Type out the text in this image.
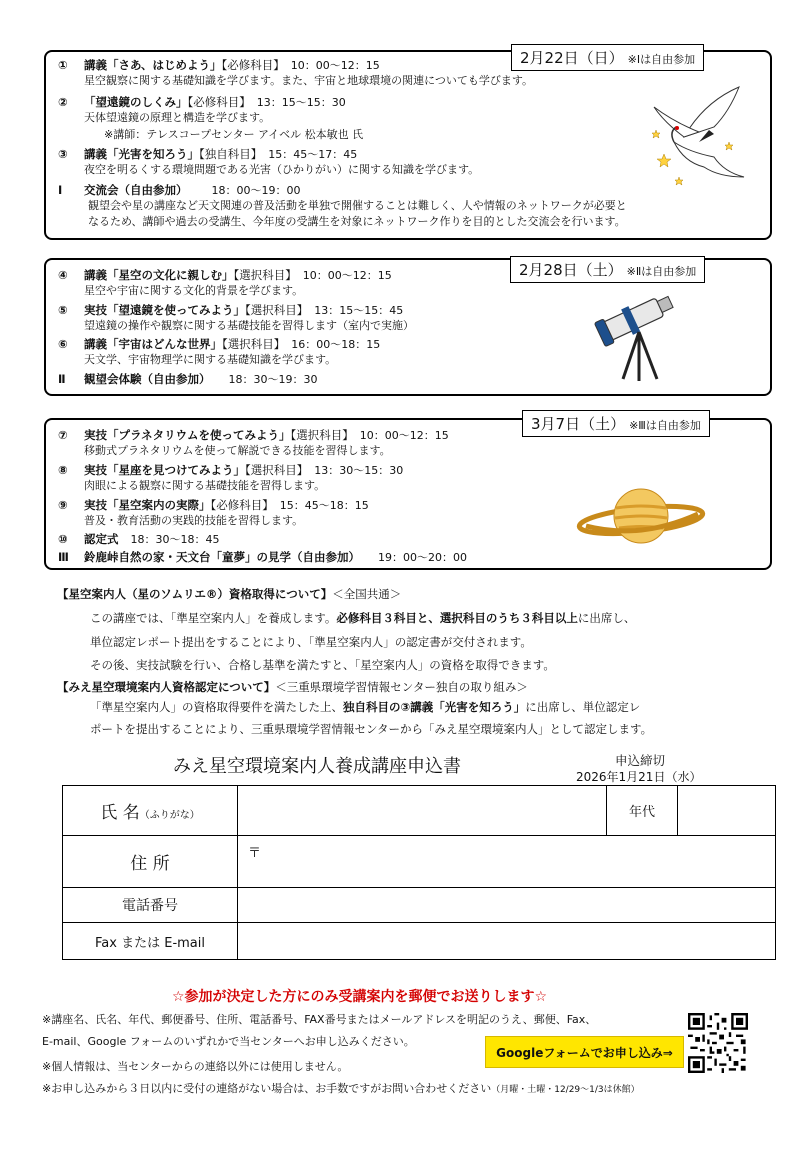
① 講義「さあ、はじめよう」【必修科目】 10：00～12：15
星空観察に関する基礎知識を学びます。また、宇宙と地球環境の関連についても学びます。
② 「望遠鏡のしくみ」【必修科目】 13：15～15：30
天体望遠鏡の原理と構造を学びます。
※講師：テレスコープセンター アイベル 松本敏也 氏
③ 講義「光害を知ろう」【独自科目】 15：45～17：45
夜空を明るくする環境問題である光害（ひかりがい）に関する知識を学びます。
Ⅰ 交流会（自由参加） 18：00～19：00
観望会や星の講座など天文関連の普及活動を単独で開催することは難しく、人や情報のネットワークが必要と
なるため、講師や過去の受講生、今年度の受講生を対象にネットワーク作りを目的とした交流会を行います。
2月22日（日） ※Ⅰは自由参加
④ 講義「星空の文化に親しむ」【選択科目】 10：00～12：15
星空や宇宙に関する文化的背景を学びます。
⑤ 実技「望遠鏡を使ってみよう」【選択科目】 13：15～15：45
望遠鏡の操作や観察に関する基礎技能を習得します（室内で実施）
⑥ 講義「宇宙はどんな世界」【選択科目】 16：00～18：15
天文学、宇宙物理学に関する基礎知識を学びます。
Ⅱ 観望会体験（自由参加） 18：30～19：30
2月28日（土） ※Ⅱは自由参加
⑦ 実技「プラネタリウムを使ってみよう」【選択科目】 10：00～12：15
移動式プラネタリウムを使って解説できる技能を習得します。
⑧ 実技「星座を見つけてみよう」【選択科目】 13：30～15：30
肉眼による観察に関する基礎技能を習得します。
⑨ 実技「星空案内の実際」【必修科目】 15：45～18：15
普及・教育活動の実践的技能を習得します。
⑩ 認定式 18：30～18：45
Ⅲ 鈴鹿峠自然の家・天文台「童夢」の見学（自由参加） 19：00～20：00
3月7日（土） ※Ⅲは自由参加
【星空案内人（星のソムリエ®）資格取得について】＜全国共通＞
この講座では、「準星空案内人」を養成します。必修科目３科目と、選択科目のうち３科目以上に出席し、
単位認定レポート提出をすることにより、「準星空案内人」の認定書が交付されます。
その後、実技試験を行い、合格し基準を満たすと、「星空案内人」の資格を取得できます。
【みえ星空環境案内人資格認定について】＜三重県環境学習情報センター独自の取り組み＞
「準星空案内人」の資格取得要件を満たした上、独自科目の③講義「光害を知ろう」に出席し、単位認定レ
ポートを提出することにより、三重県環境学習情報センターから「みえ星空環境案内人」として認定します。
みえ星空環境案内人養成講座申込書	申込締切
2026年1月21日（水）
氏 名（ふりがな）		年代	
住 所	〒		
電話番号			
Fax または E-mail			
☆参加が決定した方にのみ受講案内を郵便でお送りします☆
※講座名、氏名、年代、郵便番号、住所、電話番号、FAX番号またはメールアドレスを明記のうえ、郵便、Fax、
E-mail、Google フォームのいずれかで当センターへお申し込みください。
※個人情報は、当センターからの連絡以外には使用しません。
※お申し込みから３日以内に受付の連絡がない場合は、お手数ですがお問い合わせください（月曜・土曜・12/29～1/3は休館）
Googleフォームでお申し込み⇒
